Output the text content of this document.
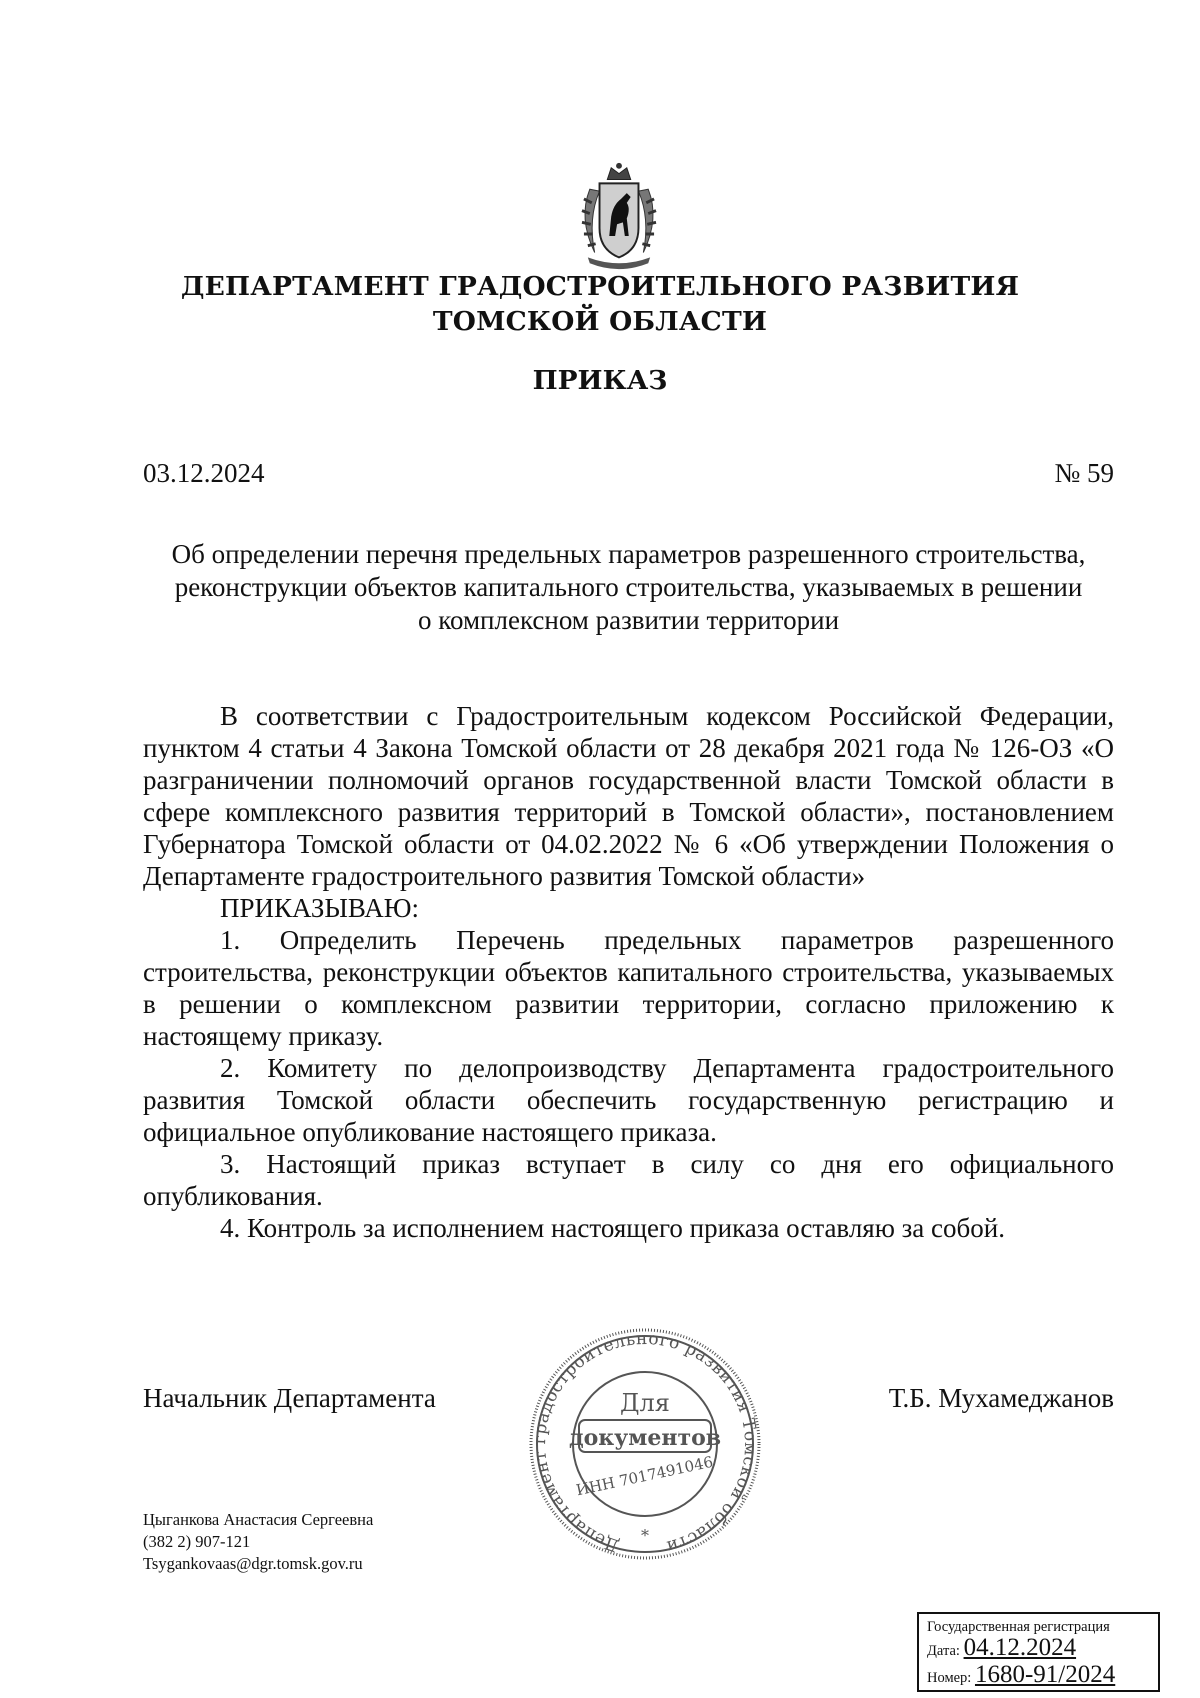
ДЕПАРТАМЕНТ ГРАДОСТРОИТЕЛЬНОГО РАЗВИТИЯ
ТОМСКОЙ ОБЛАСТИ
ПРИКАЗ
03.12.2024	№ 59
Об определении перечня предельных параметров разрешенного строительства,
реконструкции объектов капитального строительства, указываемых в решении
о комплексном развитии территории

В соответствии с Градостроительным кодексом Российской Федерации, пунктом 4 статьи 4 Закона Томской области от 28 декабря 2021 года № 126-ОЗ «О разграничении полномочий органов государственной власти Томской области в сфере комплексного развития территорий в Томской области», постановлением Губернатора Томской области от 04.02.2022 № 6 «Об утверждении Положения о Департаменте градостроительного развития Томской области»

ПРИКАЗЫВАЮ:

1. Определить Перечень предельных параметров разрешенного строительства, реконструкции объектов капитального строительства, указываемых в решении о комплексном развитии территории, согласно приложению к настоящему приказу.

2. Комитету по делопроизводству Департамента градостроительного развития Томской области обеспечить государственную регистрацию и официальное опубликование настоящего приказа.

3. Настоящий приказ вступает в силу со дня его официального опубликования.

4. Контроль за исполнением настоящего приказа оставляю за собой.

Начальник Департамента	Т.Б. Мухамеджанов
Департамент градостроительного развития Томской области
Для
документов
ИНН 7017491046
*
Цыганкова Анастасия Сергеевна
(382 2) 907-121
Tsygankovaas@dgr.tomsk.gov.ru
Государственная регистрация
Дата: 04.12.2024
Номер: 1680-91/2024
